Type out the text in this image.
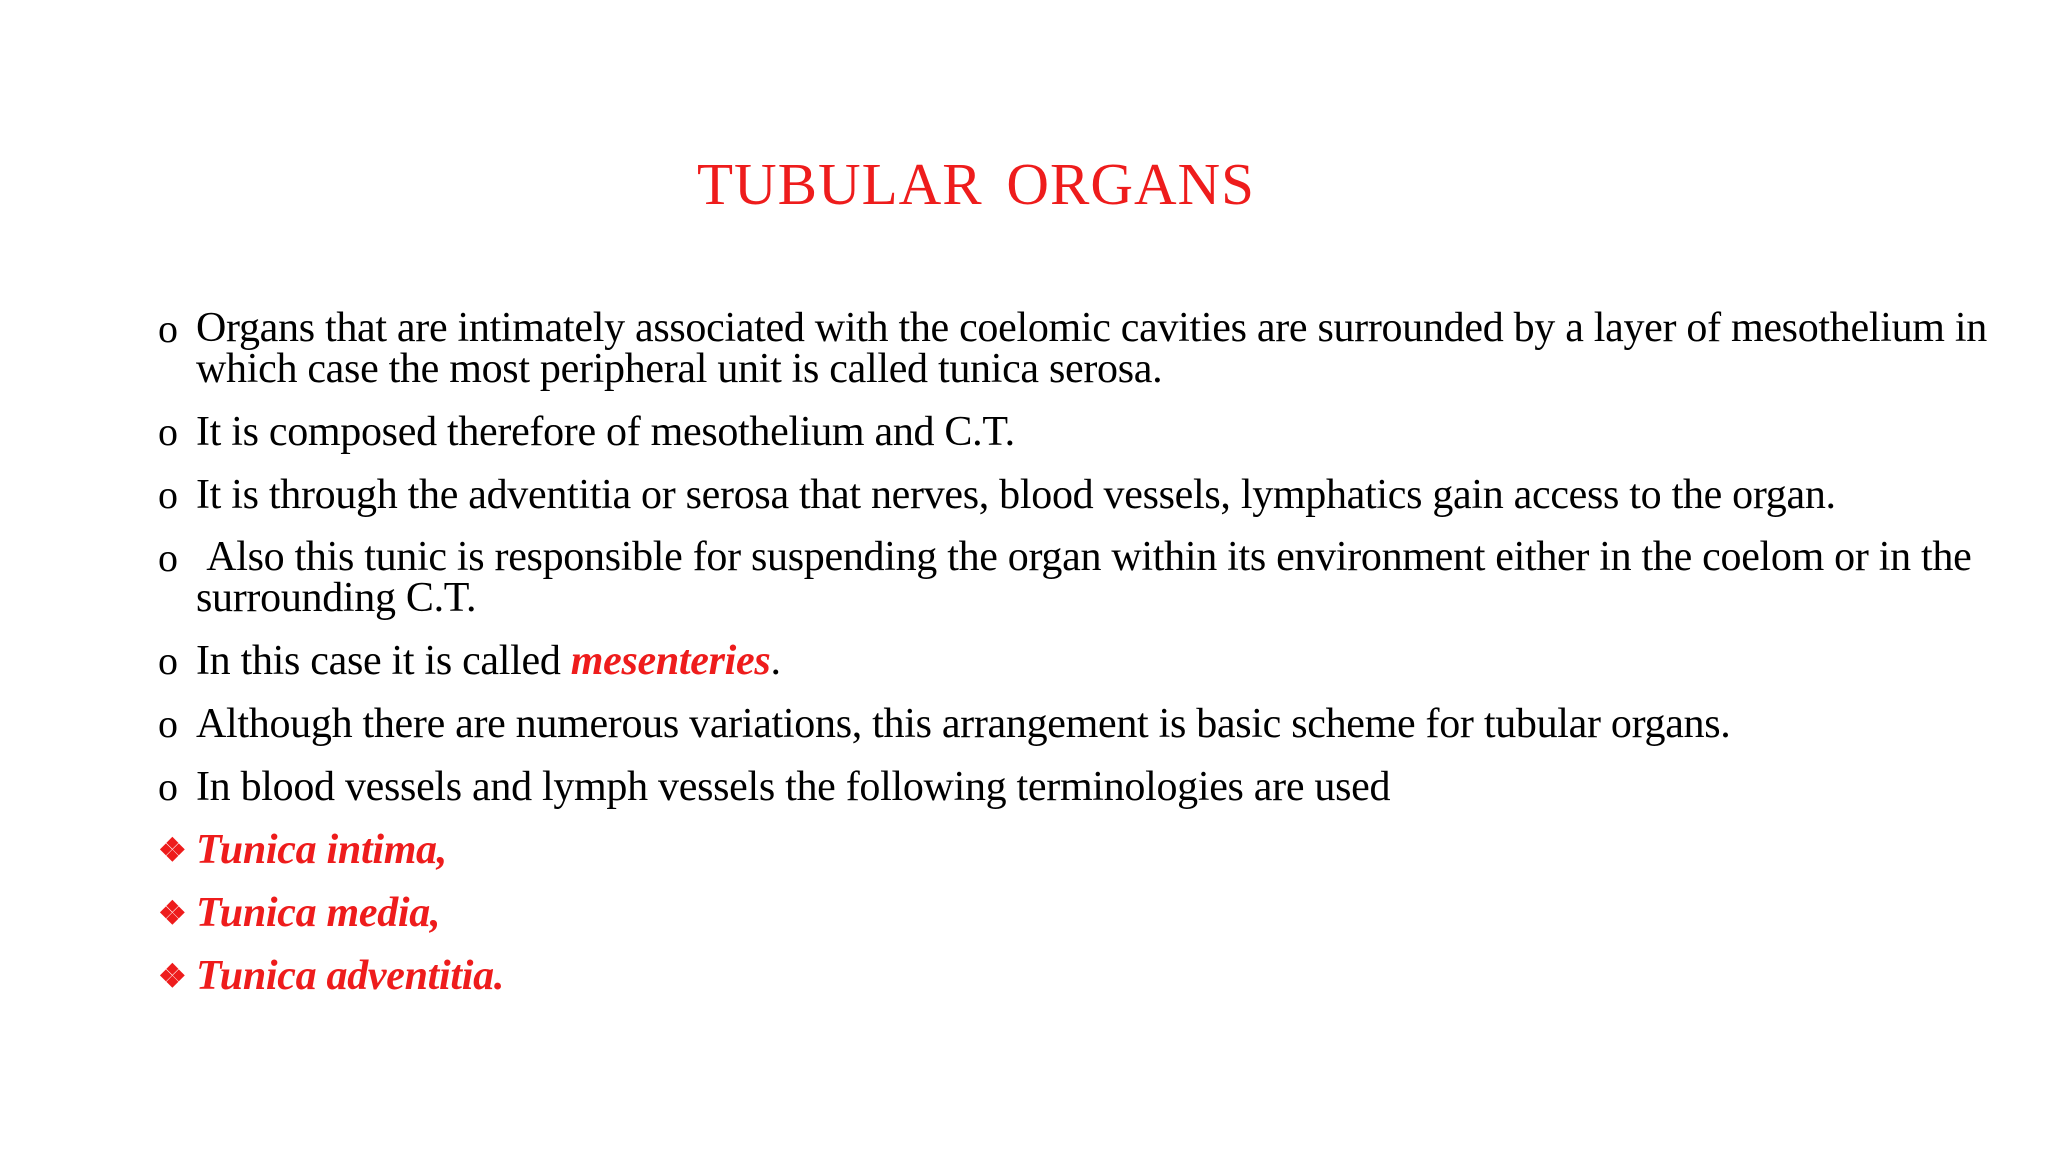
TUBULAR ORGANS
o Organs that are intimately associated with the coelomic cavities are surrounded by a layer of mesothelium in which case the most peripheral unit is called tunica serosa.
o It is composed therefore of mesothelium and C.T.
o It is through the adventitia or serosa that nerves, blood vessels, lymphatics gain access to the organ.
o Also this tunic is responsible for suspending the organ within its environment either in the coelom or in the surrounding C.T.
o In this case it is called mesenteries.
o Although there are numerous variations, this arrangement is basic scheme for tubular organs.
o In blood vessels and lymph vessels the following terminologies are used
❖ Tunica intima,
❖ Tunica media,
❖ Tunica adventitia.
